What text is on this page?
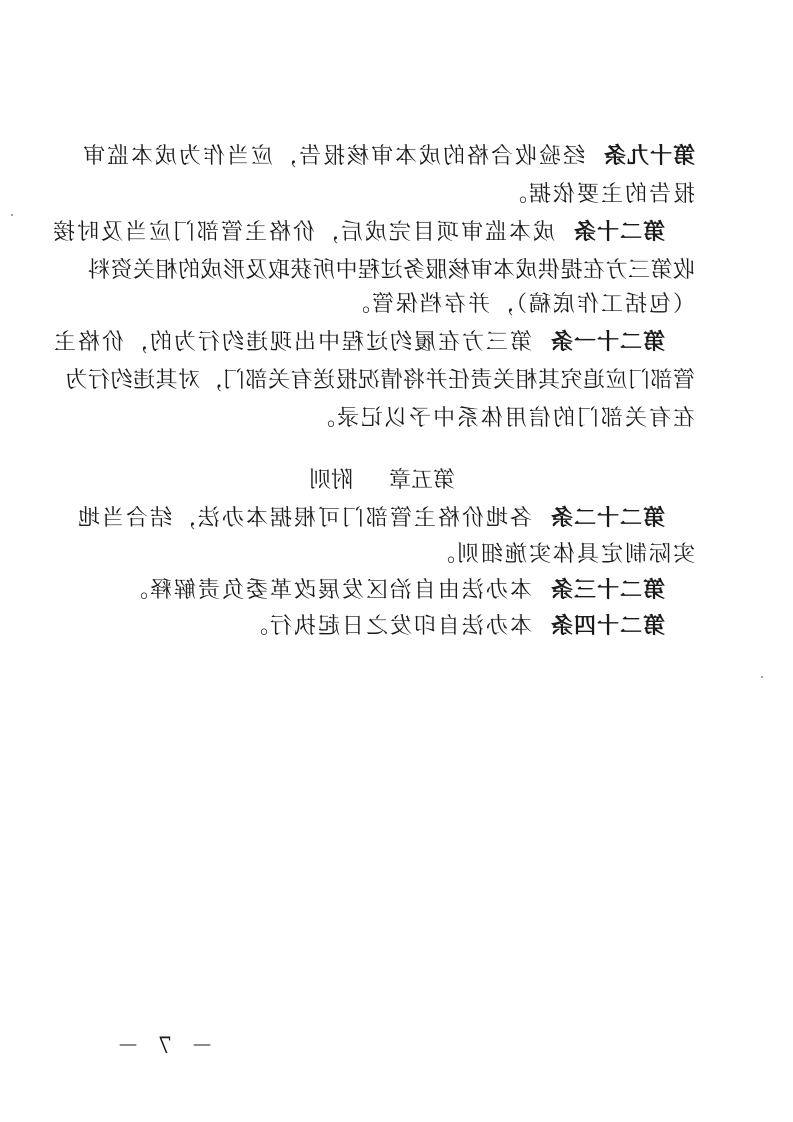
第十九条经验收合格的成本审核报告，应当作为成本监审
报告的主要依据。
第二十条成本监审项目完成后，价格主管部门应当及时接
收第三方在提供成本审核服务过程中所获取及形成的相关资料
（包括工作底稿），并存档保管。
第二十一条第三方在履约过程中出现违约行为的，价格主
管部门应追究其相关责任并将情况报送有关部门，对其违约行为
在有关部门的信用体系中予以记录。
第五章附则
第二十二条各地价格主管部门可根据本办法，结合当地
实际制定具体实施细则。
第二十三条本办法由自治区发展改革委负责解释。
第二十四条本办法自印发之日起执行。
－ 7 －
